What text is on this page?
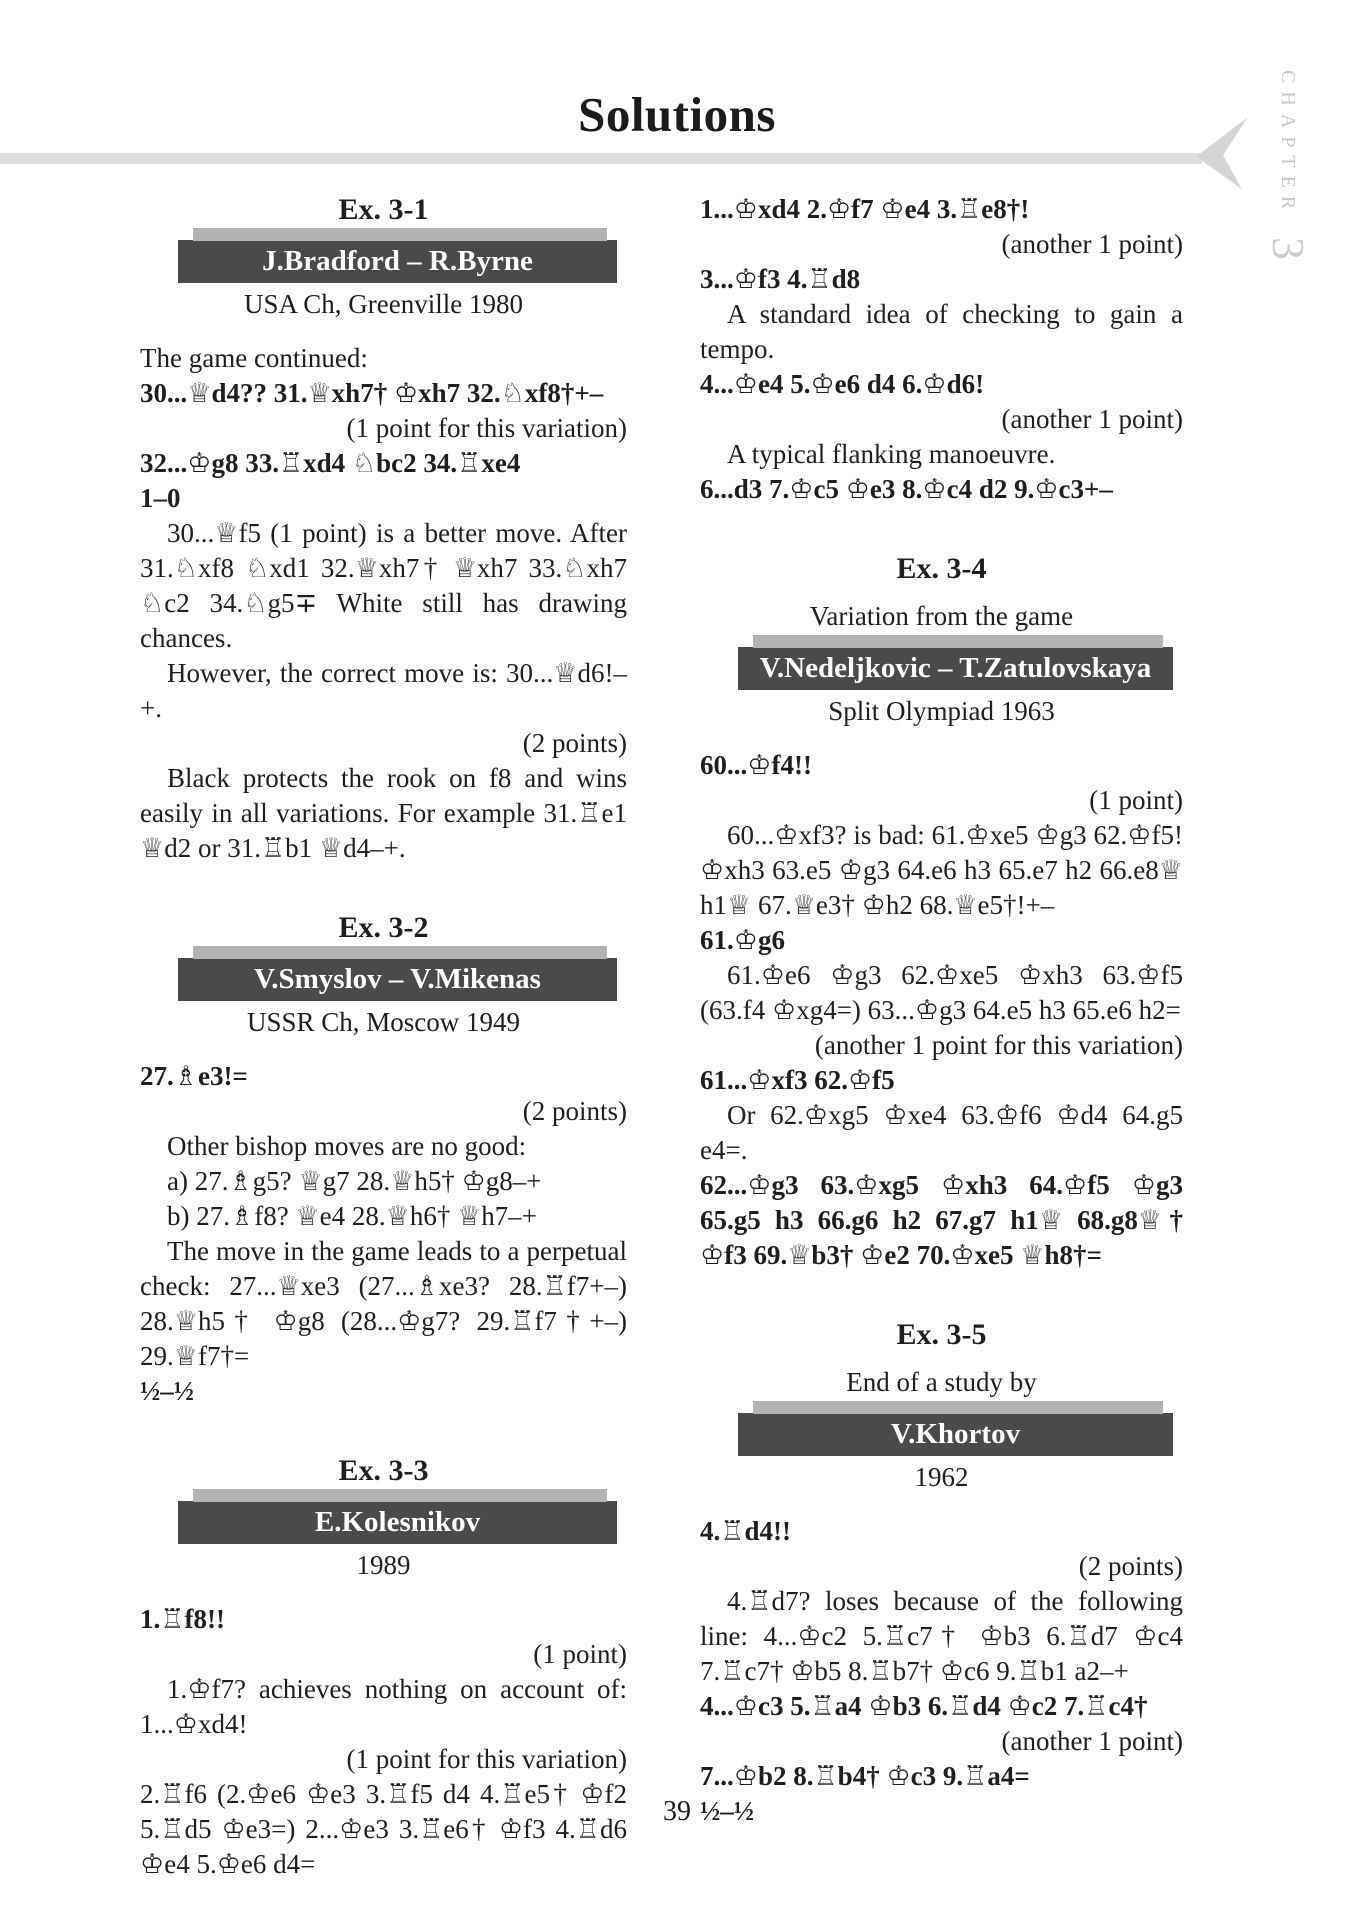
Solutions	CHAPTER 3
Ex. 3-1
J.Bradford – R.Byrne
USA Ch, Greenville 1980
The game continued:
30...♕d4?? 31.♕xh7† ♔xh7 32.♘xf8†+–
(1 point for this variation)
32...♔g8 33.♖xd4 ♘bc2 34.♖xe4
1–0
30...♕f5 (1 point) is a better move. After 31.♘xf8 ♘xd1 32.♕xh7† ♕xh7 33.♘xh7 ♘c2 34.♘g5∓ White still has drawing chances.
However, the correct move is: 30...♕d6!–+.
(2 points)
Black protects the rook on f8 and wins easily in all variations. For example 31.♖e1 ♕d2 or 31.♖b1 ♕d4–+.
Ex. 3-2
V.Smyslov – V.Mikenas
USSR Ch, Moscow 1949
27.♗e3!=
(2 points)
Other bishop moves are no good:
a) 27.♗g5? ♕g7 28.♕h5† ♔g8–+
b) 27.♗f8? ♕e4 28.♕h6† ♕h7–+
The move in the game leads to a perpetual check: 27...♕xe3 (27...♗xe3? 28.♖f7+–) 28.♕h5† ♔g8 (28...♔g7? 29.♖f7†+–) 29.♕f7†=
½–½
Ex. 3-3
E.Kolesnikov
1989
1.♖f8!!
(1 point)
1.♔f7? achieves nothing on account of: 1...♔xd4!
(1 point for this variation)
2.♖f6 (2.♔e6 ♔e3 3.♖f5 d4 4.♖e5† ♔f2 5.♖d5 ♔e3=) 2...♔e3 3.♖e6† ♔f3 4.♖d6 ♔e4 5.♔e6 d4=
1...♔xd4 2.♔f7 ♔e4 3.♖e8†!
(another 1 point)
3...♔f3 4.♖d8
A standard idea of checking to gain a tempo.
4...♔e4 5.♔e6 d4 6.♔d6!
(another 1 point)
A typical flanking manoeuvre.
6...d3 7.♔c5 ♔e3 8.♔c4 d2 9.♔c3+–
Ex. 3-4
Variation from the game
V.Nedeljkovic – T.Zatulovskaya
Split Olympiad 1963
60...♔f4!!
(1 point)
60...♔xf3? is bad: 61.♔xe5 ♔g3 62.♔f5! ♔xh3 63.e5 ♔g3 64.e6 h3 65.e7 h2 66.e8♕ h1♕ 67.♕e3† ♔h2 68.♕e5†!+–
61.♔g6
61.♔e6 ♔g3 62.♔xe5 ♔xh3 63.♔f5 (63.f4 ♔xg4=) 63...♔g3 64.e5 h3 65.e6 h2=
(another 1 point for this variation)
61...♔xf3 62.♔f5
Or 62.♔xg5 ♔xe4 63.♔f6 ♔d4 64.g5 e4=.
62...♔g3 63.♔xg5 ♔xh3 64.♔f5 ♔g3 65.g5 h3 66.g6 h2 67.g7 h1♕ 68.g8♕† ♔f3 69.♕b3† ♔e2 70.♔xe5 ♕h8†=
Ex. 3-5
End of a study by
V.Khortov
1962
4.♖d4!!
(2 points)
4.♖d7? loses because of the following line: 4...♔c2 5.♖c7† ♔b3 6.♖d7 ♔c4 7.♖c7† ♔b5 8.♖b7† ♔c6 9.♖b1 a2–+
4...♔c3 5.♖a4 ♔b3 6.♖d4 ♔c2 7.♖c4†
(another 1 point)
7...♔b2 8.♖b4† ♔c3 9.♖a4=
½–½
39
